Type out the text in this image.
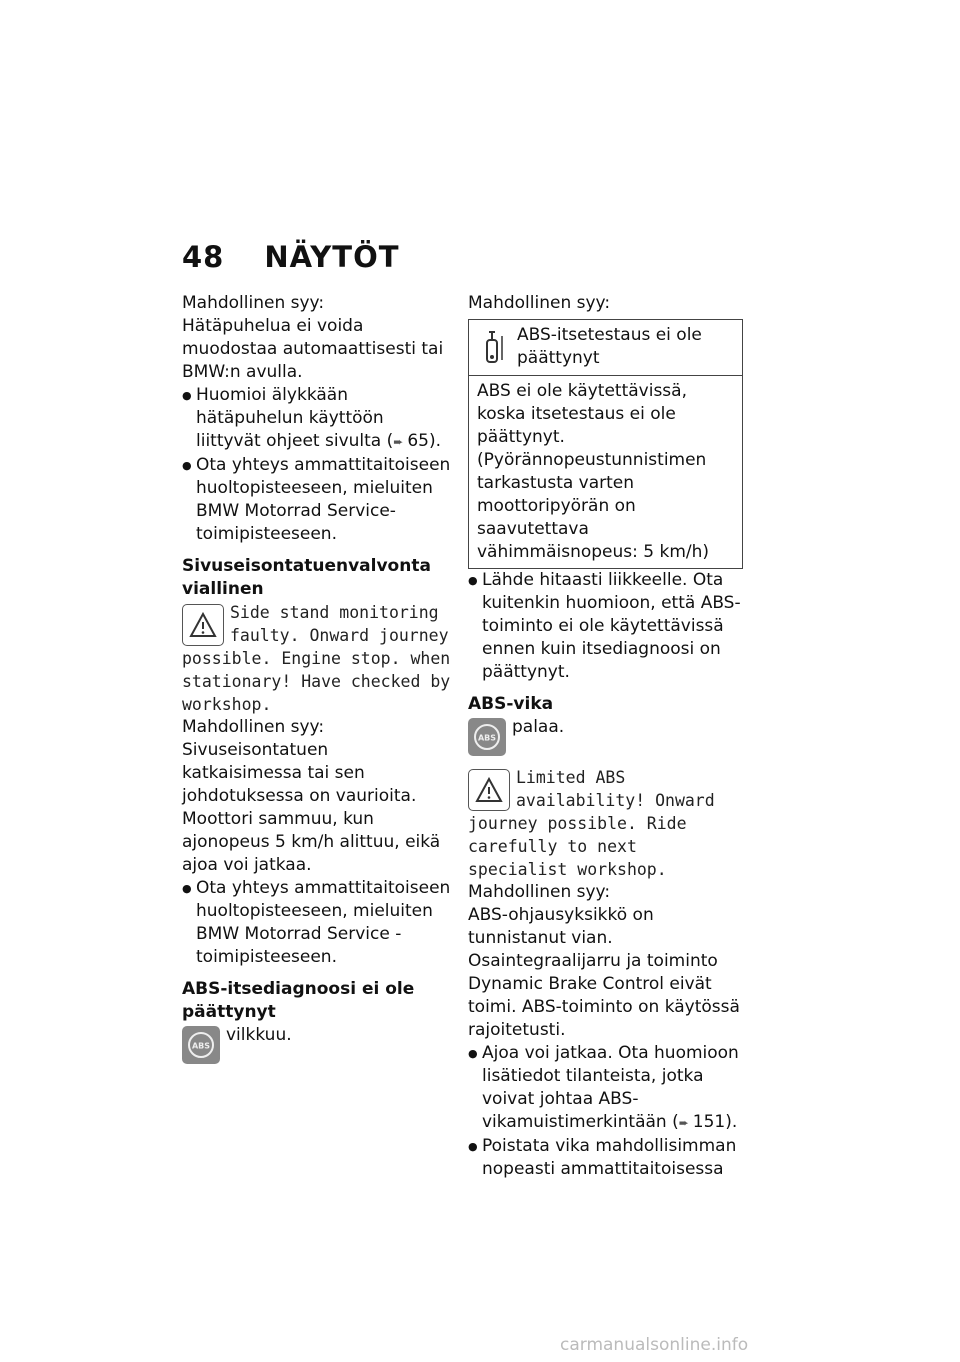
48 NÄYTÖT

Mahdollinen syy:

Hätäpuhelua ei voida muodostaa automaattisesti tai BMW:n avulla.

● Huomioi älykkään hätäpuhelun käyttöön liittyvät ohjeet sivulta (➨ 65).
● Ota yhteys ammattitaitoiseen huoltopisteeseen, mieluiten BMW Motorrad Service-toimipisteeseen.

Sivuseisontatuenvalvonta viallinen

Side stand monitoring faulty. Onward journey possible. Engine stop. when stationary! Have checked by workshop.

Mahdollinen syy:

Sivuseisontatuen katkaisimessa tai sen johdotuksessa on vaurioita. Moottori sammuu, kun ajonopeus 5 km/h alittuu, eikä ajoa voi jatkaa.

● Ota yhteys ammattitaitoiseen huoltopisteeseen, mieluiten BMW Motorrad Service -toimipisteeseen.

ABS-itsediagnoosi ei ole päättynyt

ABS

vilkkuu.

Mahdollinen syy:

ABS-itsetestaus ei ole päättynyt
ABS ei ole käytettävissä, koska itsetestaus ei ole päättynyt. (Pyörännopeustunnistimen tarkastusta varten moottoripyörän on saavutettava vähimmäisnopeus: 5 km/h)
● Lähde hitaasti liikkeelle. Ota kuitenkin huomioon, että ABS-toiminto ei ole käytettävissä ennen kuin itsediagnoosi on päättynyt.

ABS-vika

ABS

palaa.

Limited ABS availability! Onward journey possible. Ride carefully to next specialist workshop.

Mahdollinen syy:

ABS-ohjausyksikkö on tunnistanut vian. Osaintegraalijarru ja toiminto Dynamic Brake Control eivät toimi. ABS-toiminto on käytössä rajoitetusti.

● Ajoa voi jatkaa. Ota huomioon lisätiedot tilanteista, jotka voivat johtaa ABS-vikamuistimerkintään (➨ 151).
● Poistata vika mahdollisimman nopeasti ammattitaitoisessa
carmanualsonline.info
